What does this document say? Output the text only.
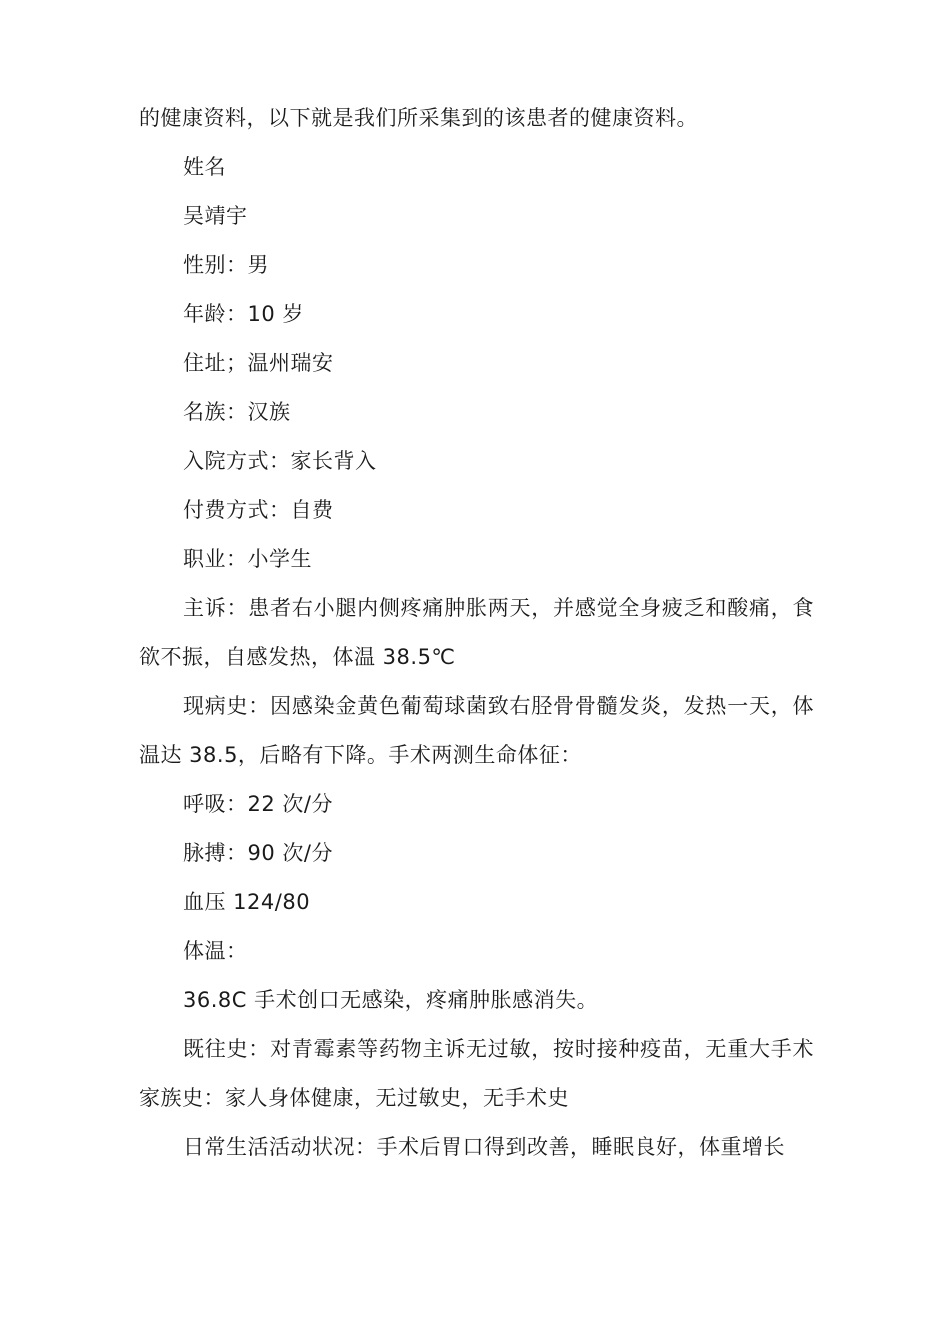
的健康资料，以下就是我们所采集到的该患者的健康资料。

姓名

吴靖宇

性别：男

年龄：10 岁

住址；温州瑞安

名族：汉族

入院方式：家长背入

付费方式：自费

职业：小学生

主诉：患者右小腿内侧疼痛肿胀两天，并感觉全身疲乏和酸痛，食欲不振，自感发热，体温 38.5℃

现病史：因感染金黄色葡萄球菌致右胫骨骨髓发炎，发热一天，体温达 38.5，后略有下降。手术两测生命体征：

呼吸：22 次/分

脉搏：90 次/分

血压 124/80

体温：

36.8C 手术创口无感染，疼痛肿胀感消失。

既往史：对青霉素等药物主诉无过敏，按时接种疫苗，无重大手术家族史：家人身体健康，无过敏史，无手术史

日常生活活动状况：手术后胃口得到改善，睡眠良好，体重增长
